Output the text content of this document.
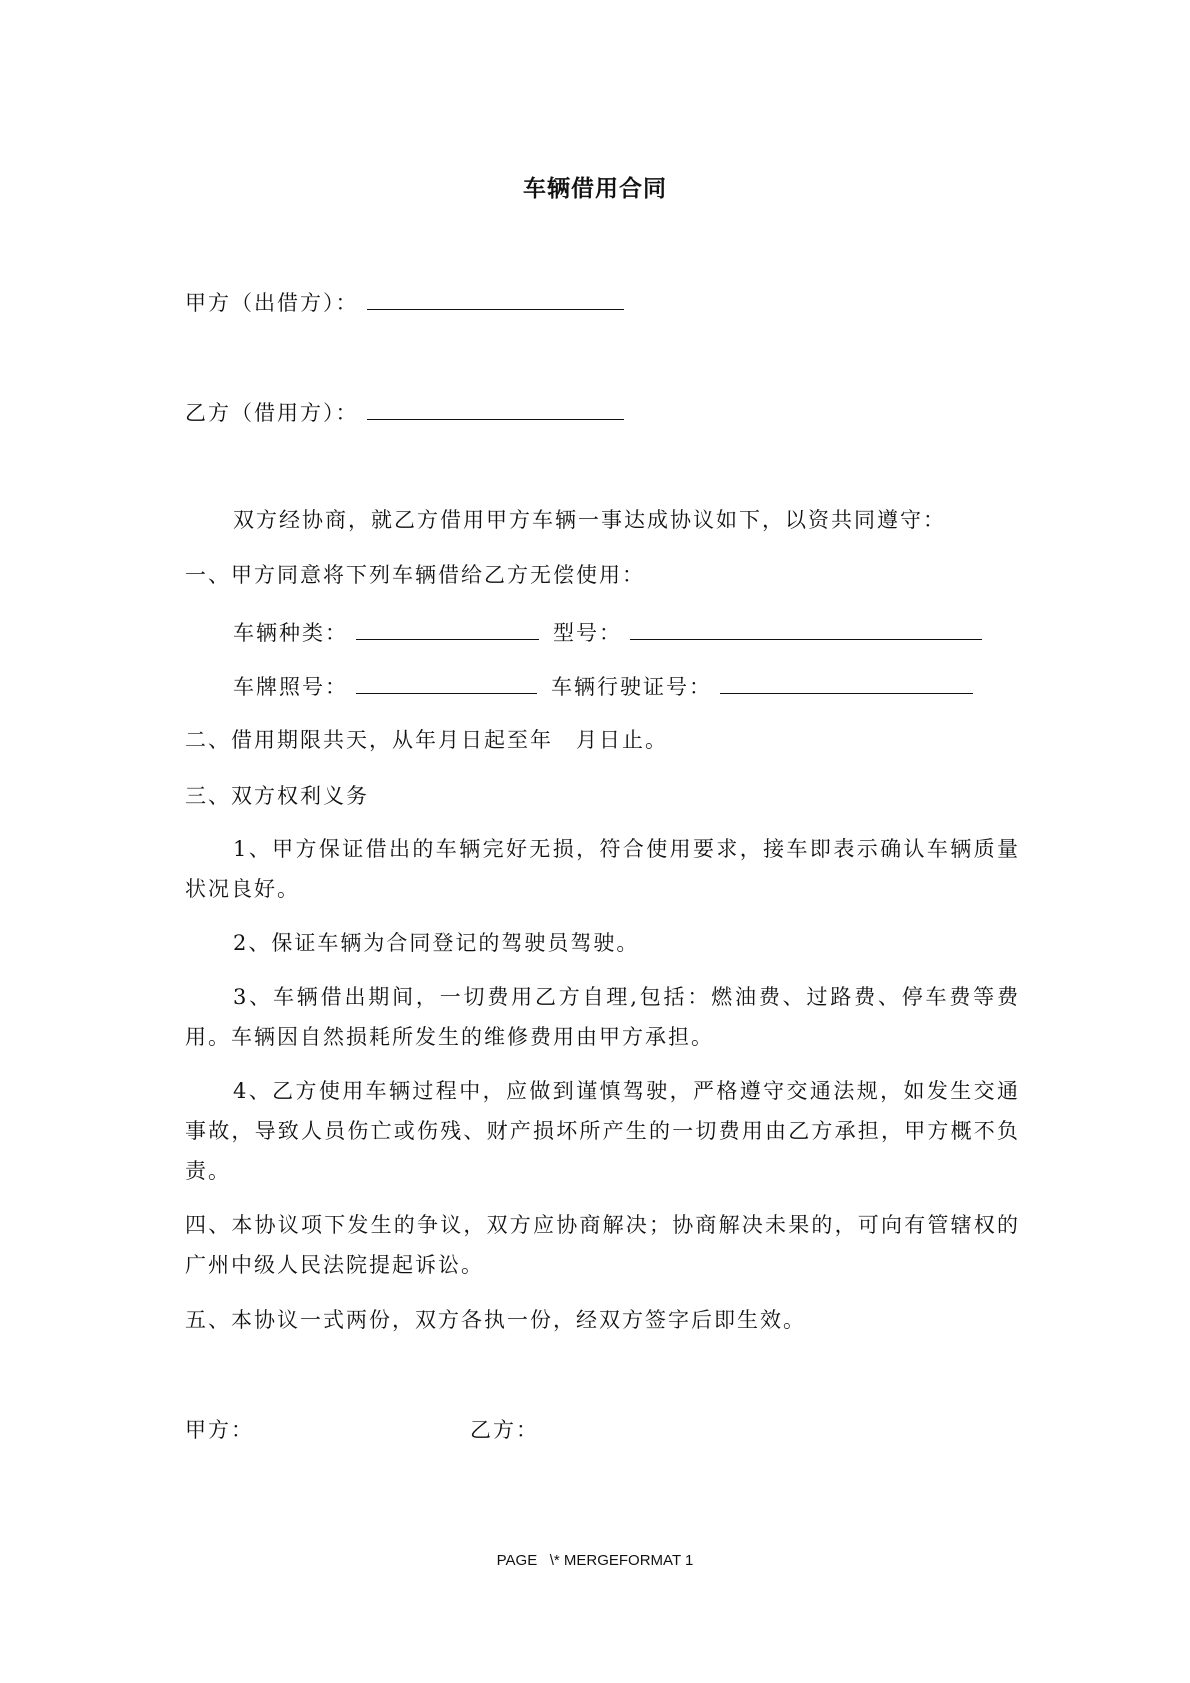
车辆借用合同
甲方（出借方）：
乙方（借用方）：
双方经协商，就乙方借用甲方车辆一事达成协议如下，以资共同遵守：
一、甲方同意将下列车辆借给乙方无偿使用：
车辆种类：	型号：
车牌照号：	车辆行驶证号：
二、借用期限共天，从年月日起至年　月日止。
三、双方权利义务
1、甲方保证借出的车辆完好无损，符合使用要求，接车即表示确认车辆质量状况良好。
2、保证车辆为合同登记的驾驶员驾驶。
3、车辆借出期间，一切费用乙方自理,包括：燃油费、过路费、停车费等费用。车辆因自然损耗所发生的维修费用由甲方承担。
4、乙方使用车辆过程中，应做到谨慎驾驶，严格遵守交通法规，如发生交通事故，导致人员伤亡或伤残、财产损坏所产生的一切费用由乙方承担，甲方概不负责。
四、本协议项下发生的争议，双方应协商解决；协商解决未果的，可向有管辖权的广州中级人民法院提起诉讼。
五、本协议一式两份，双方各执一份，经双方签字后即生效。
甲方：	乙方：
PAGE   \* MERGEFORMAT 1
